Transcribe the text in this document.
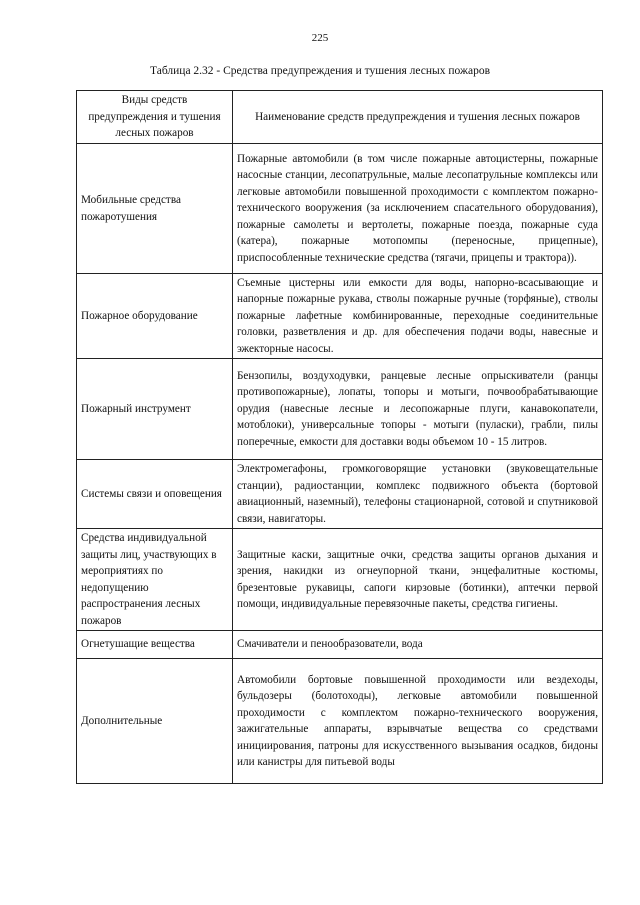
225
Таблица 2.32 - Средства предупреждения и тушения лесных пожаров
Виды средств предупреждения и тушения лесных пожаров	Наименование средств предупреждения и тушения лесных пожаров
Мобильные средства пожаротушения	Пожарные автомобили (в том числе пожарные автоцистерны, пожарные насосные станции, лесопатрульные, малые лесопатрульные комплексы или легковые автомобили повышенной проходимости с комплектом пожарно-технического вооружения (за исключением спасательного оборудования), пожарные самолеты и вертолеты, пожарные поезда, пожарные суда (катера), пожарные мотопомпы (переносные, прицепные), приспособленные технические средства (тягачи, прицепы и трактора)).
Пожарное оборудование	Съемные цистерны или емкости для воды, напорно-всасывающие и напорные пожарные рукава, стволы пожарные ручные (торфяные), стволы пожарные лафетные комбинированные, переходные соединительные головки, разветвления и др. для обеспечения подачи воды, навесные и эжекторные насосы.
Пожарный инструмент	Бензопилы, воздуходувки, ранцевые лесные опрыскиватели (ранцы противопожарные), лопаты, топоры и мотыги, почвообрабатывающие орудия (навесные лесные и лесопожарные плуги, канавокопатели, мотоблоки), универсальные топоры - мотыги (пуласки), грабли, пилы поперечные, емкости для доставки воды объемом 10 - 15 литров.
Системы связи и оповещения	Электромегафоны, громкоговорящие установки (звуковещательные станции), радиостанции, комплекс подвижного объекта (бортовой авиационный, наземный), телефоны стационарной, сотовой и спутниковой связи, навигаторы.
Средства индивидуальной защиты лиц, участвующих в мероприятиях по недопущению распространения лесных пожаров	Защитные каски, защитные очки, средства защиты органов дыхания и зрения, накидки из огнеупорной ткани, энцефалитные костюмы, брезентовые рукавицы, сапоги кирзовые (ботинки), аптечки первой помощи, индивидуальные перевязочные пакеты, средства гигиены.
Огнетушащие вещества	Смачиватели и пенообразователи, вода
Дополнительные	Автомобили бортовые повышенной проходимости или вездеходы, бульдозеры (болотоходы), легковые автомобили повышенной проходимости с комплектом пожарно-технического вооружения, зажигательные аппараты, взрывчатые вещества со средствами инициирования, патроны для искусственного вызывания осадков, бидоны или канистры для питьевой воды
